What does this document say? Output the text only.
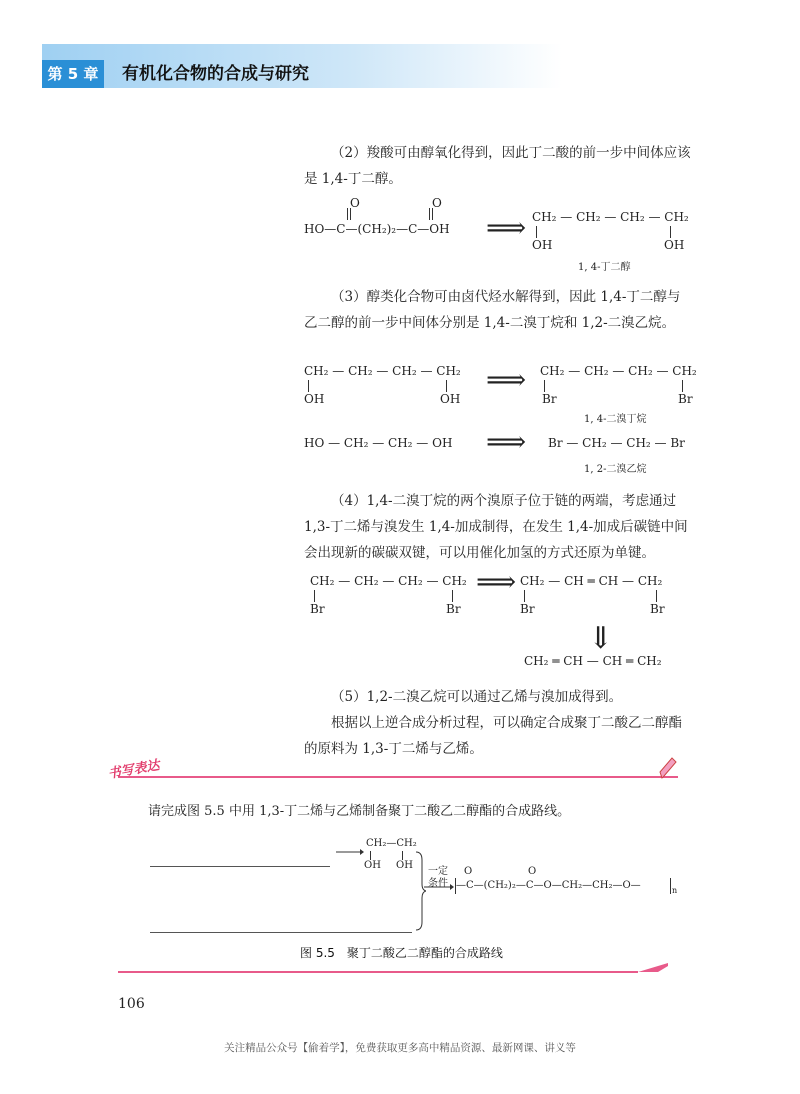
第 5 章	有机化合物的合成与研究

（2）羧酸可由醇氧化得到，因此丁二酸的前一步中间体应该是 1,4-丁二醇。

O	O
HO—C—(CH₂)₂—C—OH ⟹ CH₂ — CH₂ — CH₂ — CH₂
OH	OH
1, 4-丁二醇

（3）醇类化合物可由卤代烃水解得到，因此 1,4-丁二醇与乙二醇的前一步中间体分别是 1,4-二溴丁烷和 1,2-二溴乙烷。

CH₂ — CH₂ — CH₂ — CH₂
OH	OH
⟹ CH₂ — CH₂ — CH₂ — CH₂
Br	Br
1, 4-二溴丁烷
HO — CH₂ — CH₂ — OH ⟹ Br — CH₂ — CH₂ — Br
1, 2-二溴乙烷

（4）1,4-二溴丁烷的两个溴原子位于链的两端，考虑通过 1,3-丁二烯与溴发生 1,4-加成制得，在发生 1,4-加成后碳链中间会出现新的碳碳双键，可以用催化加氢的方式还原为单键。

CH₂ — CH₂ — CH₂ — CH₂
Br	Br
⟹ CH₂ — CH ═ CH — CH₂
Br	Br
⇓
CH₂ ═ CH — CH ═ CH₂

（5）1,2-二溴乙烷可以通过乙烯与溴加成得到。

根据以上逆合成分析过程，可以确定合成聚丁二酸乙二醇酯的原料为 1,3-丁二烯与乙烯。

书写表达
请完成图 5.5 中用 1,3-丁二烯与乙烯制备聚丁二酸乙二醇酯的合成路线。
CH₂—CH₂
OH OH
一定
条件
O	O
—C—(CH₂)₂—C—O—CH₂—CH₂—O—	n
图 5.5　聚丁二酸乙二醇酯的合成路线
106
关注精品公众号【偷着学】，免费获取更多高中精品资源、最新网课、讲义等
